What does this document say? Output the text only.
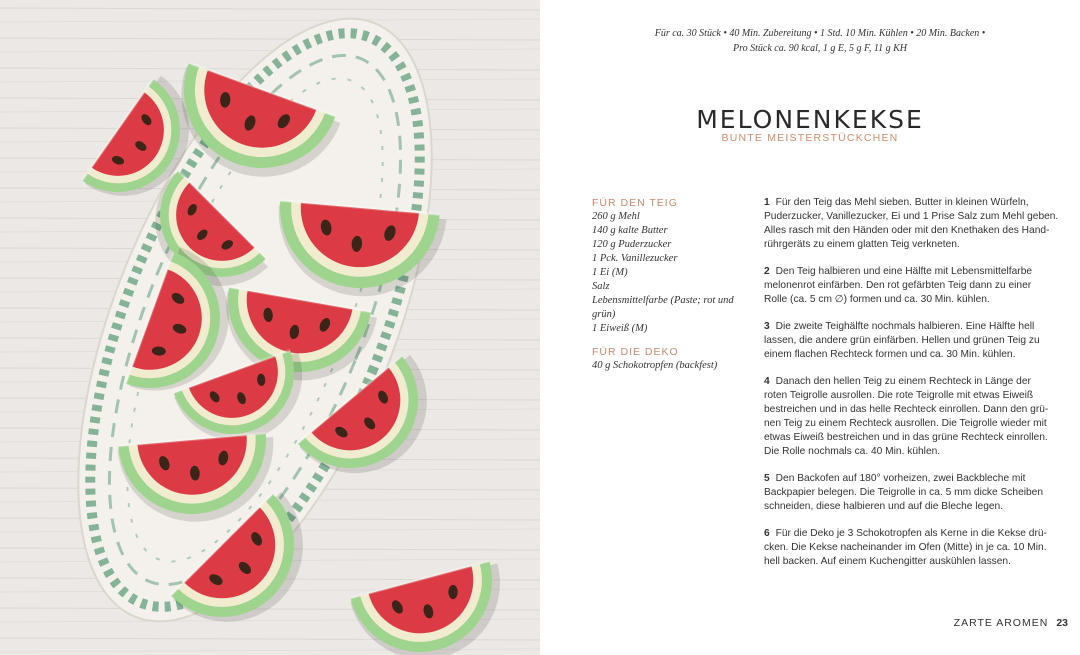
Für ca. 30 Stück • 40 Min. Zubereitung • 1 Std. 10 Min. Kühlen • 20 Min. Backen •
Pro Stück ca. 90 kcal, 1 g E, 5 g F, 11 g KH
MELONENKEKSE
BUNTE MEISTERSTÜCKCHEN
FÜR DEN TEIG
260 g Mehl
140 g kalte Butter
120 g Puderzucker
1 Pck. Vanillezucker
1 Ei (M)
Salz
Lebensmittelfarbe (Paste; rot und
grün)
1 Eiweiß (M)
FÜR DIE DEKO
40 g Schokotropfen (backfest)
1 Für den Teig das Mehl sieben. Butter in kleinen Würfeln,
Puderzucker, Vanillezucker, Ei und 1 Prise Salz zum Mehl geben.
Alles rasch mit den Händen oder mit den Knethaken des Hand-
rührgeräts zu einem glatten Teig verkneten.
2 Den Teig halbieren und eine Hälfte mit Lebensmittelfarbe
melonenrot einfärben. Den rot gefärbten Teig dann zu einer
Rolle (ca. 5 cm ∅) formen und ca. 30 Min. kühlen.
3 Die zweite Teighälfte nochmals halbieren. Eine Hälfte hell
lassen, die andere grün einfärben. Hellen und grünen Teig zu
einem flachen Rechteck formen und ca. 30 Min. kühlen.
4 Danach den hellen Teig zu einem Rechteck in Länge der
roten Teigrolle ausrollen. Die rote Teigrolle mit etwas Eiweiß
bestreichen und in das helle Rechteck einrollen. Dann den grü-
nen Teig zu einem Rechteck ausrollen. Die Teigrolle wieder mit
etwas Eiweiß bestreichen und in das grüne Rechteck einrollen.
Die Rolle nochmals ca. 40 Min. kühlen.
5 Den Backofen auf 180° vorheizen, zwei Backbleche mit
Backpapier belegen. Die Teigrolle in ca. 5 mm dicke Scheiben
schneiden, diese halbieren und auf die Bleche legen.
6 Für die Deko je 3 Schokotropfen als Kerne in die Kekse drü-
cken. Die Kekse nacheinander im Ofen (Mitte) in je ca. 10 Min.
hell backen. Auf einem Kuchengitter auskühlen lassen.
ZARTE AROMEN 23
